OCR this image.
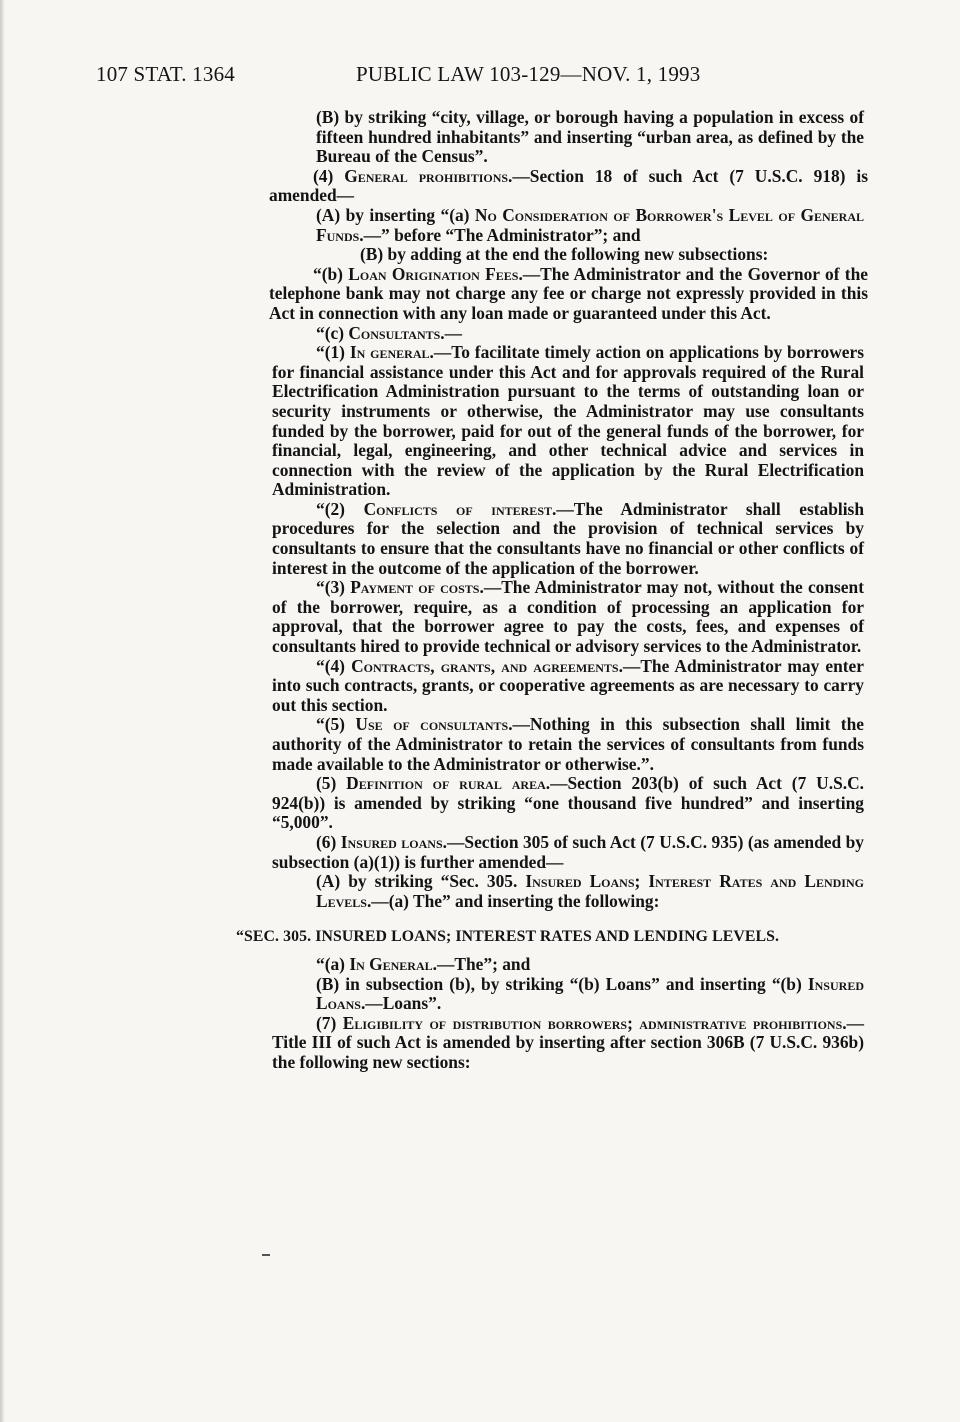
107 STAT. 1364	PUBLIC LAW 103-129—NOV. 1, 1993

(B) by striking “city, village, or borough having a population in excess of fifteen hundred inhabitants” and inserting “urban area, as defined by the Bureau of the Census”.

(4) General prohibitions.—Section 18 of such Act (7 U.S.C. 918) is amended—

(A) by inserting “(a) No Consideration of Borrower's Level of General Funds.—” before “The Administrator”; and

(B) by adding at the end the following new subsections:

“(b) Loan Origination Fees.—The Administrator and the Governor of the telephone bank may not charge any fee or charge not expressly provided in this Act in connection with any loan made or guaranteed under this Act.

“(c) Consultants.—

“(1) In general.—To facilitate timely action on applications by borrowers for financial assistance under this Act and for approvals required of the Rural Electrification Administration pursuant to the terms of outstanding loan or security instruments or otherwise, the Administrator may use consultants funded by the borrower, paid for out of the general funds of the borrower, for financial, legal, engineering, and other technical advice and services in connection with the review of the application by the Rural Electrification Administration.

“(2) Conflicts of interest.—The Administrator shall establish procedures for the selection and the provision of technical services by consultants to ensure that the consultants have no financial or other conflicts of interest in the outcome of the application of the borrower.

“(3) Payment of costs.—The Administrator may not, without the consent of the borrower, require, as a condition of processing an application for approval, that the borrower agree to pay the costs, fees, and expenses of consultants hired to provide technical or advisory services to the Administrator.

“(4) Contracts, grants, and agreements.—The Administrator may enter into such contracts, grants, or cooperative agreements as are necessary to carry out this section.

“(5) Use of consultants.—Nothing in this subsection shall limit the authority of the Administrator to retain the services of consultants from funds made available to the Administrator or otherwise.”.

(5) Definition of rural area.—Section 203(b) of such Act (7 U.S.C. 924(b)) is amended by striking “one thousand five hundred” and inserting “5,000”.

(6) Insured loans.—Section 305 of such Act (7 U.S.C. 935) (as amended by subsection (a)(1)) is further amended—

(A) by striking “Sec. 305. Insured Loans; Interest Rates and Lending Levels.—(a) The” and inserting the following:

“SEC. 305. INSURED LOANS; INTEREST RATES AND LENDING LEVELS.

“(a) In General.—The”; and

(B) in subsection (b), by striking “(b) Loans” and inserting “(b) Insured Loans.—Loans”.

(7) Eligibility of distribution borrowers; administrative prohibitions.—Title III of such Act is amended by inserting after section 306B (7 U.S.C. 936b) the following new sections:
